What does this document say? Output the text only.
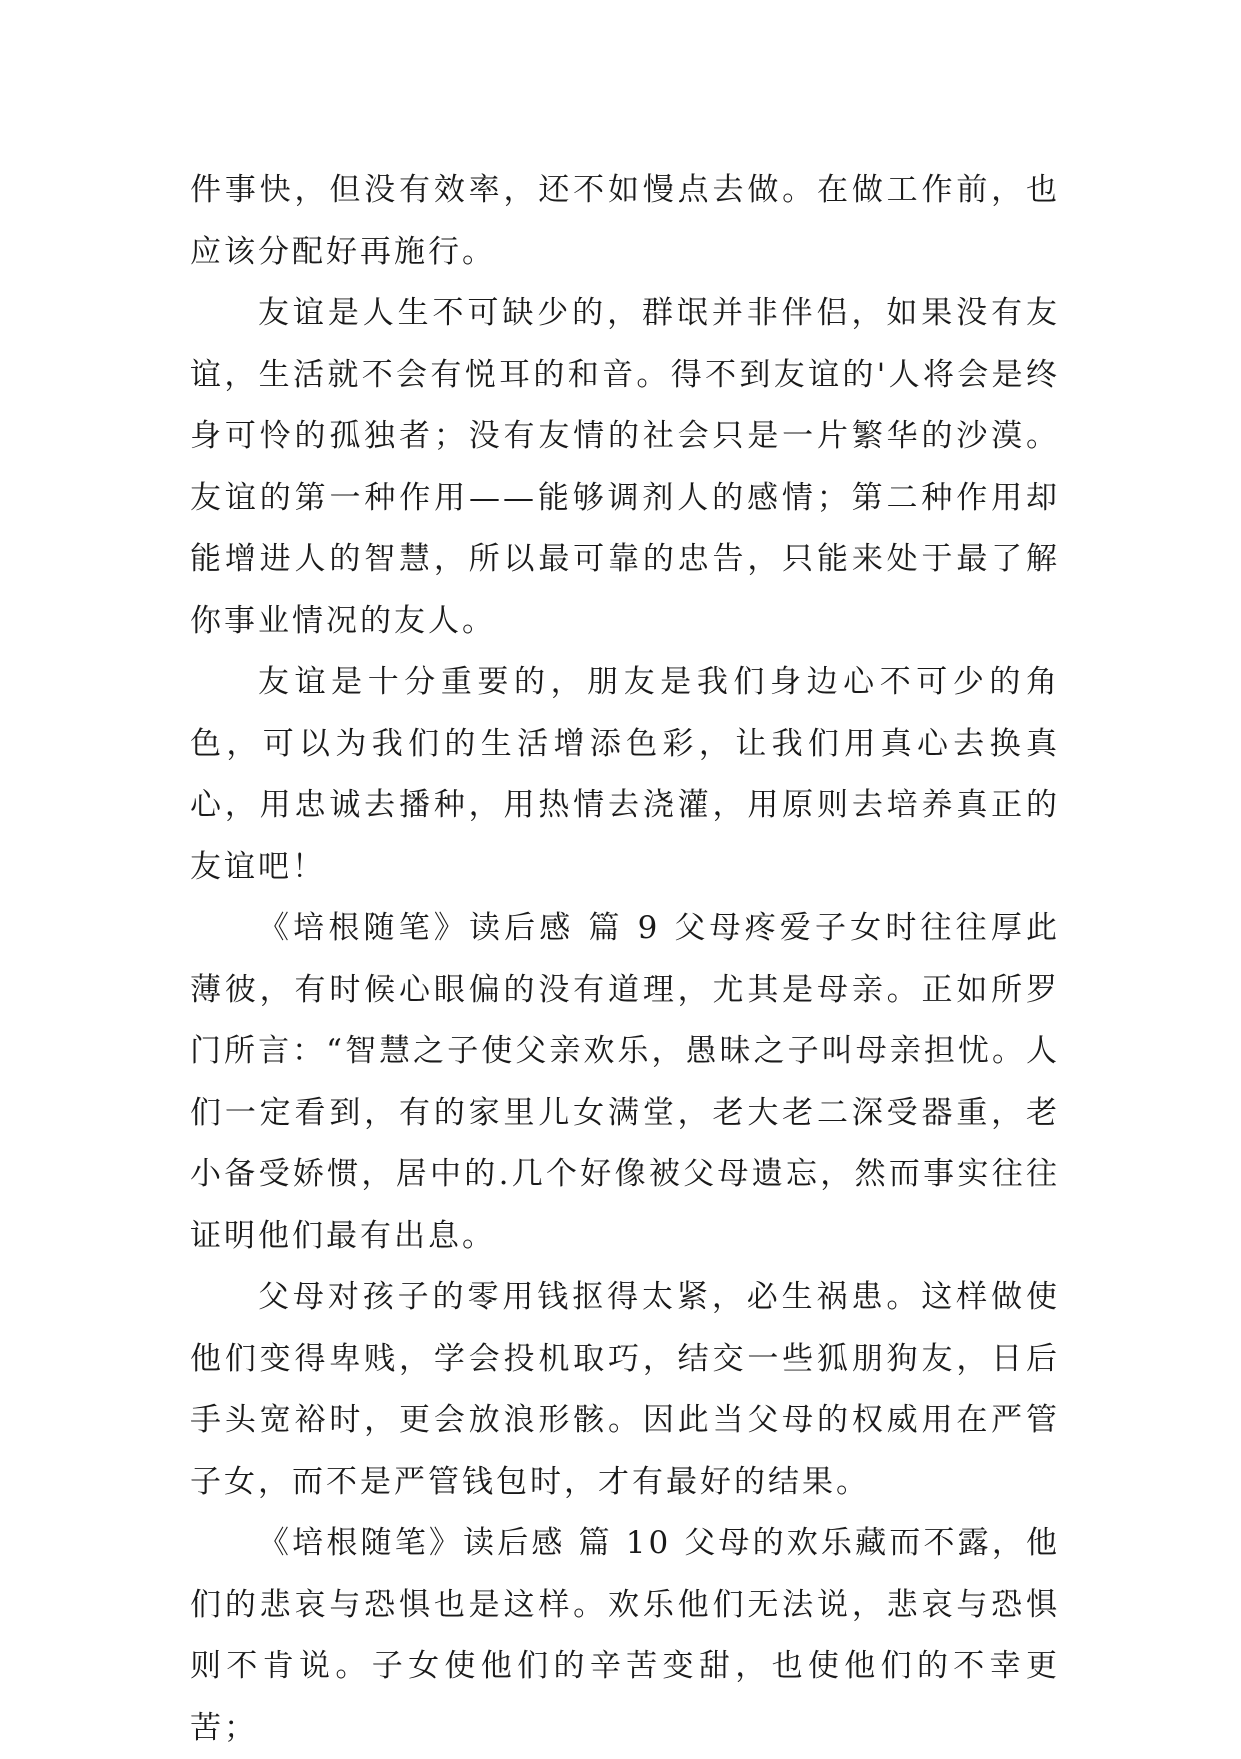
件事快，但没有效率，还不如慢点去做。在做工作前，也应该分配好再施行。

友谊是人生不可缺少的，群氓并非伴侣，如果没有友谊，生活就不会有悦耳的和音。得不到友谊的'人将会是终身可怜的孤独者；没有友情的社会只是一片繁华的沙漠。友谊的第一种作用——能够调剂人的感情；第二种作用却能增进人的智慧，所以最可靠的忠告，只能来处于最了解你事业情况的友人。

友谊是十分重要的，朋友是我们身边心不可少的角色，可以为我们的生活增添色彩，让我们用真心去换真心，用忠诚去播种，用热情去浇灌，用原则去培养真正的友谊吧！

《培根随笔》读后感 篇 9 父母疼爱子女时往往厚此薄彼，有时候心眼偏的没有道理，尤其是母亲。正如所罗门所言：“智慧之子使父亲欢乐，愚昧之子叫母亲担忧。人们一定看到，有的家里儿女满堂，老大老二深受器重，老小备受娇惯，居中的.几个好像被父母遗忘，然而事实往往证明他们最有出息。

父母对孩子的零用钱抠得太紧，必生祸患。这样做使他们变得卑贱，学会投机取巧，结交一些狐朋狗友，日后手头宽裕时，更会放浪形骸。因此当父母的权威用在严管子女，而不是严管钱包时，才有最好的结果。

《培根随笔》读后感 篇 10 父母的欢乐藏而不露，他们的悲哀与恐惧也是这样。欢乐他们无法说，悲哀与恐惧则不肯说。子女使他们的辛苦变甜，也使他们的不幸更苦；
